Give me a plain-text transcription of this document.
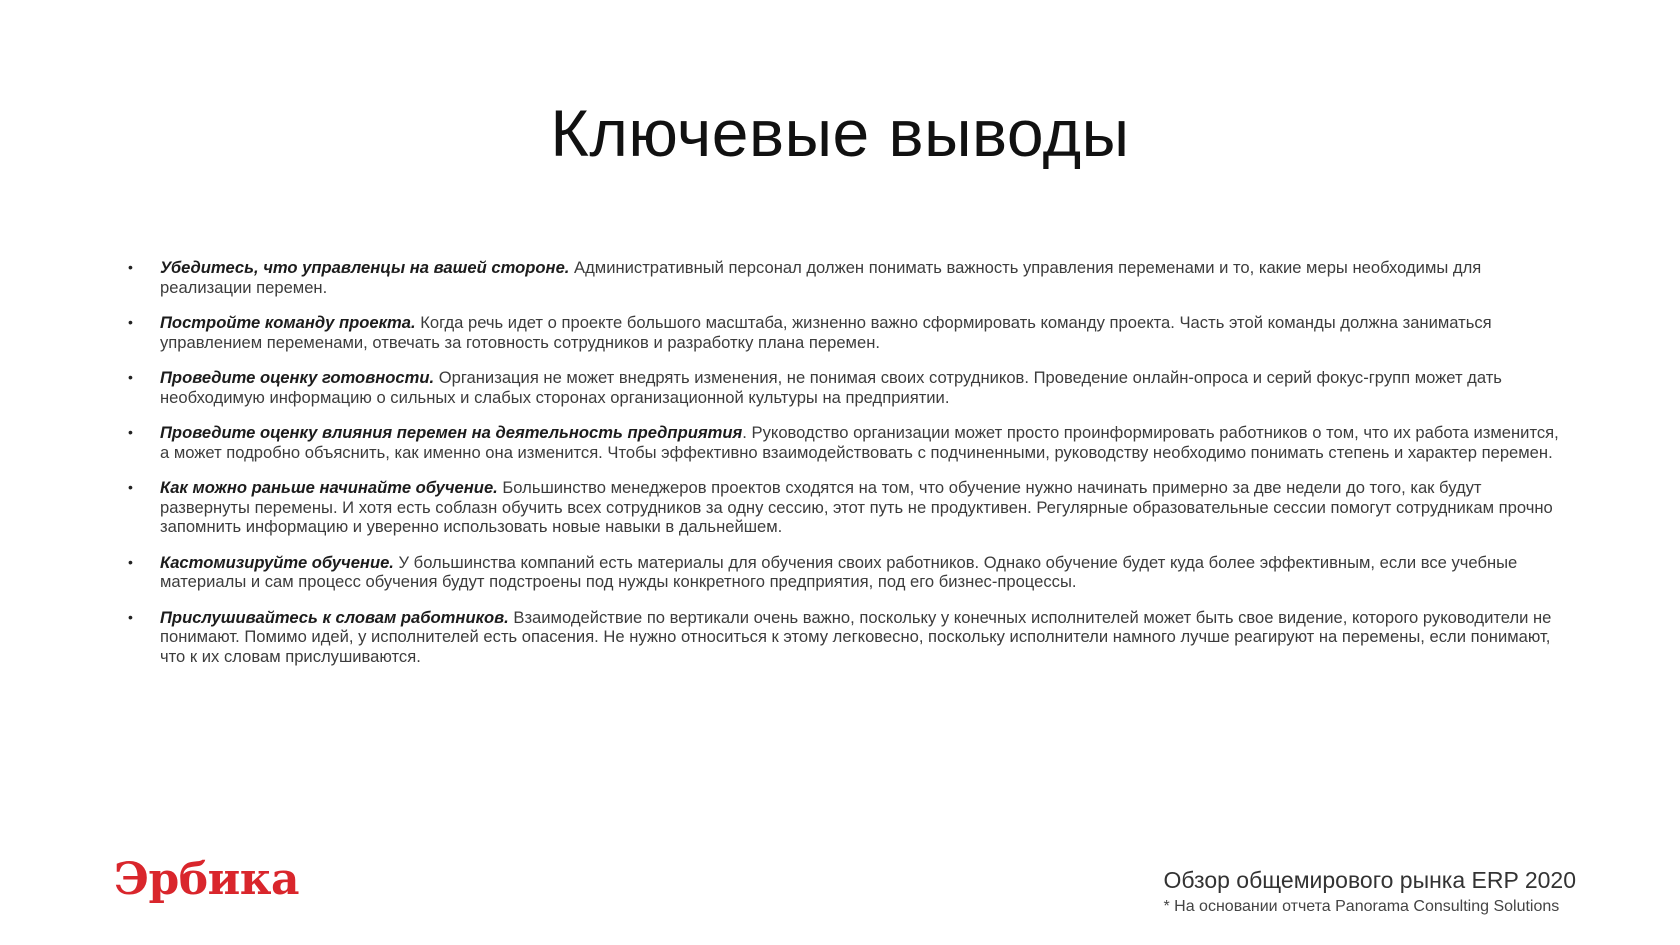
Ключевые выводы
• Убедитесь, что управленцы на вашей стороне. Административный персонал должен понимать важность управления переменами и то, какие меры необходимы для реализации перемен.
• Постройте команду проекта. Когда речь идет о проекте большого масштаба, жизненно важно сформировать команду проекта. Часть этой команды должна заниматься управлением переменами, отвечать за готовность сотрудников и разработку плана перемен.
• Проведите оценку готовности. Организация не может внедрять изменения, не понимая своих сотрудников. Проведение онлайн-опроса и серий фокус-групп может дать необходимую информацию о сильных и слабых сторонах организационной культуры на предприятии.
• Проведите оценку влияния перемен на деятельность предприятия. Руководство организации может просто проинформировать работников о том, что их работа изменится, а может подробно объяснить, как именно она изменится. Чтобы эффективно взаимодействовать с подчиненными, руководству необходимо понимать степень и характер перемен.
• Как можно раньше начинайте обучение. Большинство менеджеров проектов сходятся на том, что обучение нужно начинать примерно за две недели до того, как будут развернуты перемены. И хотя есть соблазн обучить всех сотрудников за одну сессию, этот путь не продуктивен. Регулярные образовательные сессии помогут сотрудникам прочно запомнить информацию и уверенно использовать новые навыки в дальнейшем.
• Кастомизируйте обучение. У большинства компаний есть материалы для обучения своих работников. Однако обучение будет куда более эффективным, если все учебные материалы и сам процесс обучения будут подстроены под нужды конкретного предприятия, под его бизнес-процессы.
• Прислушивайтесь к словам работников. Взаимодействие по вертикали очень важно, поскольку у конечных исполнителей может быть свое видение, которого руководители не понимают. Помимо идей, у исполнителей есть опасения. Не нужно относиться к этому легковесно, поскольку исполнители намного лучше реагируют на перемены, если понимают, что к их словам прислушиваются.
Эрбика	Обзор общемирового рынка ERP 2020
* На основании отчета Panorama Consulting Solutions
